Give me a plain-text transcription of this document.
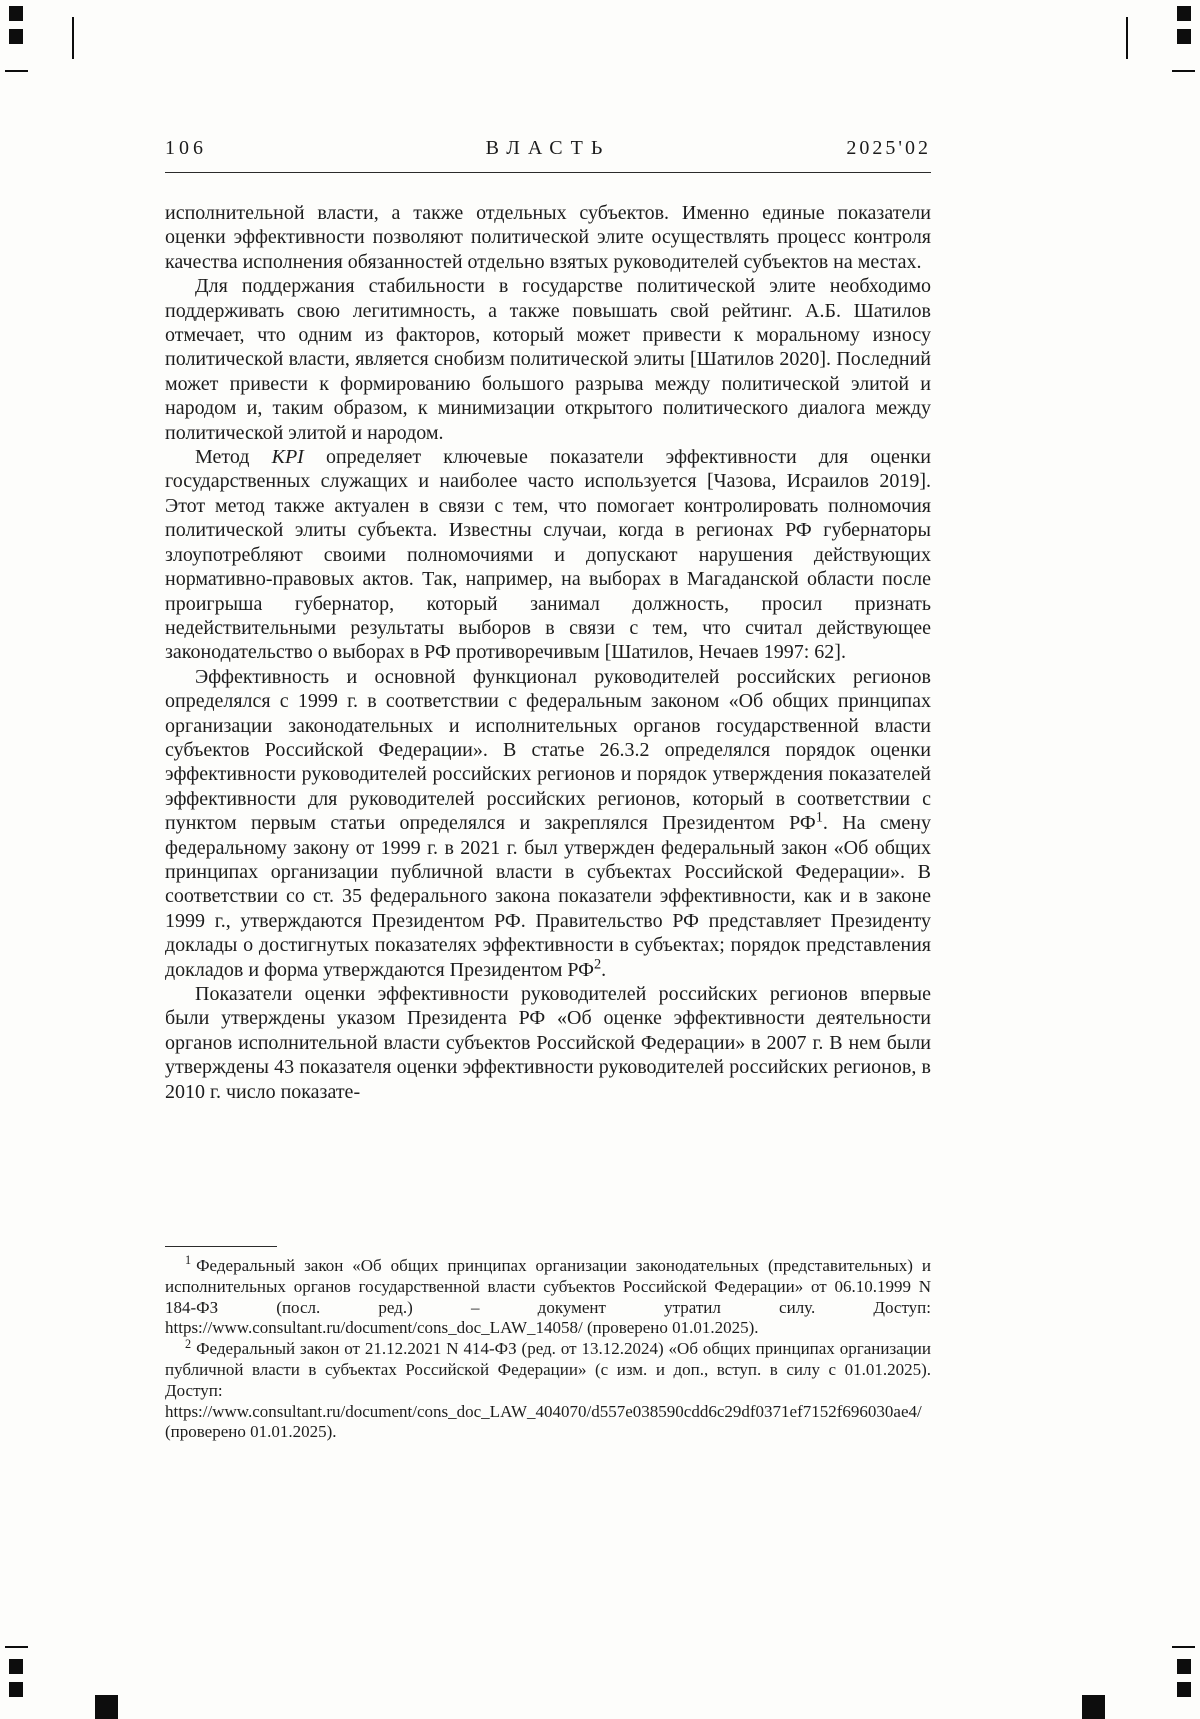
106	ВЛАСТЬ	2025'02

исполнительной власти, а также отдельных субъектов. Именно единые показатели оценки эффективности позволяют политической элите осуществлять процесс контроля качества исполнения обязанностей отдельно взятых руководителей субъектов на местах.

Для поддержания стабильности в государстве политической элите необходимо поддерживать свою легитимность, а также повышать свой рейтинг. А.Б. Шатилов отмечает, что одним из факторов, который может привести к моральному износу политической власти, является снобизм политической элиты [Шатилов 2020]. Последний может привести к формированию большого разрыва между политической элитой и народом и, таким образом, к минимизации открытого политического диалога между политической элитой и народом.

Метод KPI определяет ключевые показатели эффективности для оценки государственных служащих и наиболее часто используется [Чазова, Исраилов 2019]. Этот метод также актуален в связи с тем, что помогает контролировать полномочия политической элиты субъекта. Известны случаи, когда в регионах РФ губернаторы злоупотребляют своими полномочиями и допускают нарушения действующих нормативно-правовых актов. Так, например, на выборах в Магаданской области после проигрыша губернатор, который занимал должность, просил признать недействительными результаты выборов в связи с тем, что считал действующее законодательство о выборах в РФ противоречивым [Шатилов, Нечаев 1997: 62].

Эффективность и основной функционал руководителей российских регионов определялся с 1999 г. в соответствии с федеральным законом «Об общих принципах организации законодательных и исполнительных органов государственной власти субъектов Российской Федерации». В статье 26.3.2 определялся порядок оценки эффективности руководителей российских регионов и порядок утверждения показателей эффективности для руководителей российских регионов, который в соответствии с пунктом первым статьи определялся и закреплялся Президентом $РФ^1$. На смену федеральному закону от 1999 г. в 2021 г. был утвержден федеральный закон «Об общих принципах организации публичной власти в субъектах Российской Федерации». В соответствии со ст. 35 федерального закона показатели эффективности, как и в законе 1999 г., утверждаются Президентом РФ. Правительство РФ представляет Президенту доклады о достигнутых показателях эффективности в субъектах; порядок представления докладов и форма утверждаются Президентом $РФ^2$.

Показатели оценки эффективности руководителей российских регионов впервые были утверждены указом Президента РФ «Об оценке эффективности деятельности органов исполнительной власти субъектов Российской Федерации» в 2007 г. В нем были утверждены 43 показателя оценки эффективности руководителей российских регионов, в 2010 г. число показате-

$^1$ Федеральный закон «Об общих принципах организации законодательных (представительных) и исполнительных органов государственной власти субъектов Российской Федерации» от 06.10.1999 N 184-ФЗ (посл. ред.) – документ утратил силу. Доступ: https://www.consultant.ru/document/cons_doc_LAW_14058/ (проверено 01.01.2025).

$^2$ Федеральный закон от 21.12.2021 N 414-ФЗ (ред. от 13.12.2024) «Об общих принципах организации публичной власти в субъектах Российской Федерации» (с изм. и доп., вступ. в силу с 01.01.2025). Доступ: https://www.consultant.ru/document/cons_doc_LAW_404070/d557e038590cdd6c29df0371ef7152f696030ae4/ (проверено 01.01.2025).
